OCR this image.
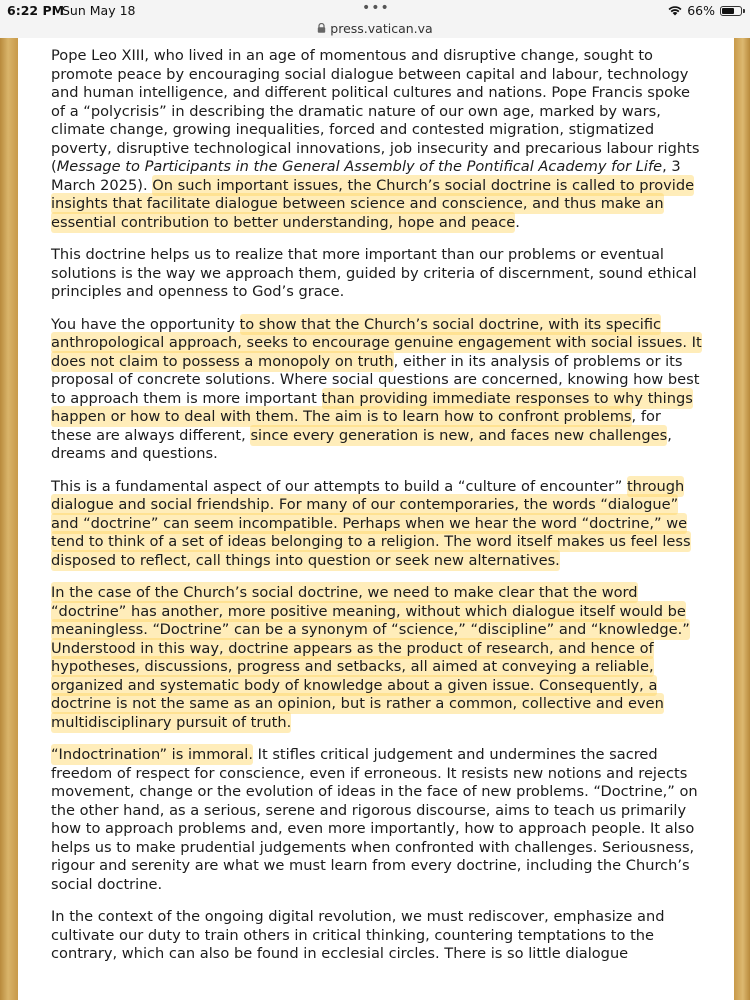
6:22 PM
Sun May 18	•••	66%
press.vatican.va

Pope Leo XIII, who lived in an age of momentous and disruptive change, sought to promote peace by encouraging social dialogue between capital and labour, technology and human intelligence, and different political cultures and nations. Pope Francis spoke of a “polycrisis” in describing the dramatic nature of our own age, marked by wars, climate change, growing inequalities, forced and contested migration, stigmatized poverty, disruptive technological innovations, job insecurity and precarious labour rights (Message to Participants in the General Assembly of the Pontifical Academy for Life, 3 March 2025). On such important issues, the Church’s social doctrine is called to provide insights that facilitate dialogue between science and conscience, and thus make an essential contribution to better understanding, hope and peace.

This doctrine helps us to realize that more important than our problems or eventual solutions is the way we approach them, guided by criteria of discernment, sound ethical principles and openness to God’s grace.

You have the opportunity to show that the Church’s social doctrine, with its specific anthropological approach, seeks to encourage genuine engagement with social issues. It does not claim to possess a monopoly on truth, either in its analysis of problems or its proposal of concrete solutions. Where social questions are concerned, knowing how best to approach them is more important than providing immediate responses to why things happen or how to deal with them. The aim is to learn how to confront problems, for these are always different, since every generation is new, and faces new challenges, dreams and questions.

This is a fundamental aspect of our attempts to build a “culture of encounter” through dialogue and social friendship. For many of our contemporaries, the words “dialogue” and “doctrine” can seem incompatible. Perhaps when we hear the word “doctrine,” we tend to think of a set of ideas belonging to a religion. The word itself makes us feel less disposed to reflect, call things into question or seek new alternatives.

In the case of the Church’s social doctrine, we need to make clear that the word “doctrine” has another, more positive meaning, without which dialogue itself would be meaningless. “Doctrine” can be a synonym of “science,” “discipline” and “knowledge.” Understood in this way, doctrine appears as the product of research, and hence of hypotheses, discussions, progress and setbacks, all aimed at conveying a reliable, organized and systematic body of knowledge about a given issue. Consequently, a doctrine is not the same as an opinion, but is rather a common, collective and even multidisciplinary pursuit of truth.

“Indoctrination” is immoral. It stifles critical judgement and undermines the sacred freedom of respect for conscience, even if erroneous. It resists new notions and rejects movement, change or the evolution of ideas in the face of new problems. “Doctrine,” on the other hand, as a serious, serene and rigorous discourse, aims to teach us primarily how to approach problems and, even more importantly, how to approach people. It also helps us to make prudential judgements when confronted with challenges. Seriousness, rigour and serenity are what we must learn from every doctrine, including the Church’s social doctrine.

In the context of the ongoing digital revolution, we must rediscover, emphasize and cultivate our duty to train others in critical thinking, countering temptations to the contrary, which can also be found in ecclesial circles. There is so little dialogue
